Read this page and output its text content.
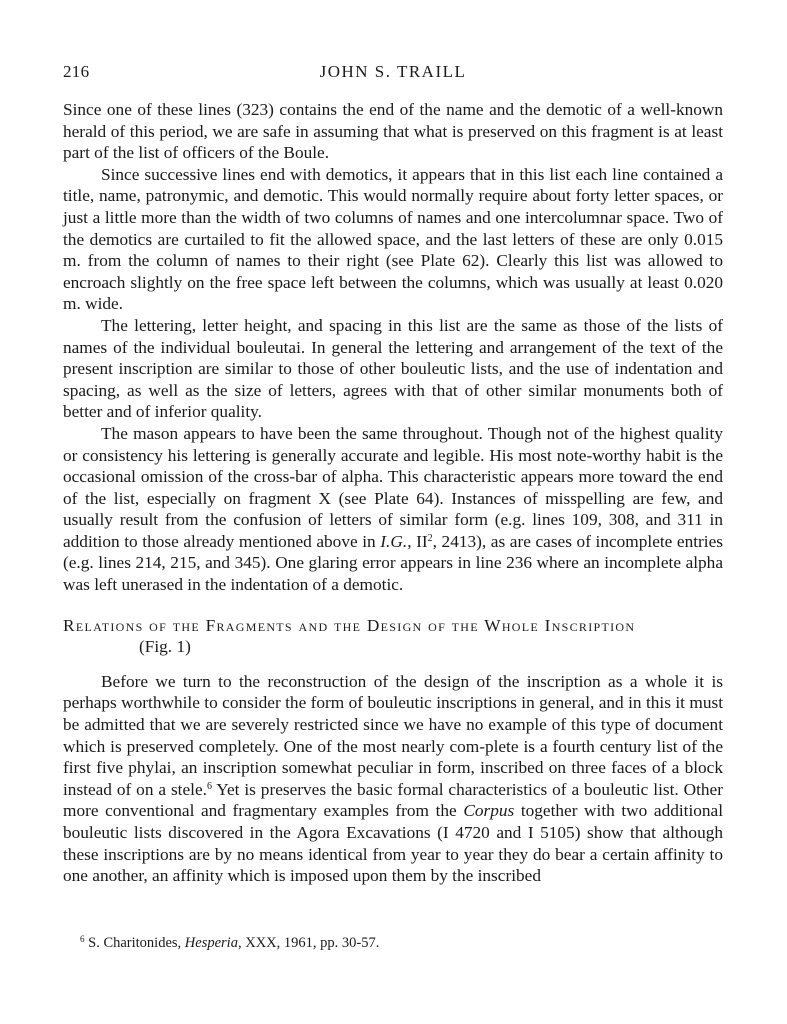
216	JOHN S. TRAILL

Since one of these lines (323) contains the end of the name and the demotic of a well-known herald of this period, we are safe in assuming that what is preserved on this fragment is at least part of the list of officers of the Boule.

Since successive lines end with demotics, it appears that in this list each line contained a title, name, patronymic, and demotic. This would normally require about forty letter spaces, or just a little more than the width of two columns of names and one intercolumnar space. Two of the demotics are curtailed to fit the allowed space, and the last letters of these are only 0.015 m. from the column of names to their right (see Plate 62). Clearly this list was allowed to encroach slightly on the free space left between the columns, which was usually at least 0.020 m. wide.

The lettering, letter height, and spacing in this list are the same as those of the lists of names of the individual bouleutai. In general the lettering and arrangement of the text of the present inscription are similar to those of other bouleutic lists, and the use of indentation and spacing, as well as the size of letters, agrees with that of other similar monuments both of better and of inferior quality.

The mason appears to have been the same throughout. Though not of the highest quality or consistency his lettering is generally accurate and legible. His most note-worthy habit is the occasional omission of the cross-bar of alpha. This characteristic appears more toward the end of the list, especially on fragment X (see Plate 64). Instances of misspelling are few, and usually result from the confusion of letters of similar form (e.g. lines 109, 308, and 311 in addition to those already mentioned above in I.G., $II^2$, 2413), as are cases of incomplete entries (e.g. lines 214, 215, and 345). One glaring error appears in line 236 where an incomplete alpha was left unerased in the indentation of a demotic.

Relations of the Fragments and the Design of the Whole Inscription
(Fig. 1)

Before we turn to the reconstruction of the design of the inscription as a whole it is perhaps worthwhile to consider the form of bouleutic inscriptions in general, and in this it must be admitted that we are severely restricted since we have no example of this type of document which is preserved completely. One of the most nearly com-plete is a fourth century list of the first five phylai, an inscription somewhat peculiar in form, inscribed on three faces of a block instead of on a stele.$^6$ Yet is preserves the basic formal characteristics of a bouleutic list. Other more conventional and fragmentary examples from the Corpus together with two additional bouleutic lists discovered in the Agora Excavations (I 4720 and I 5105) show that although these inscriptions are by no means identical from year to year they do bear a certain affinity to one another, an affinity which is imposed upon them by the inscribed

$^6$ S. Charitonides, Hesperia, XXX, 1961, pp. 30-57.
